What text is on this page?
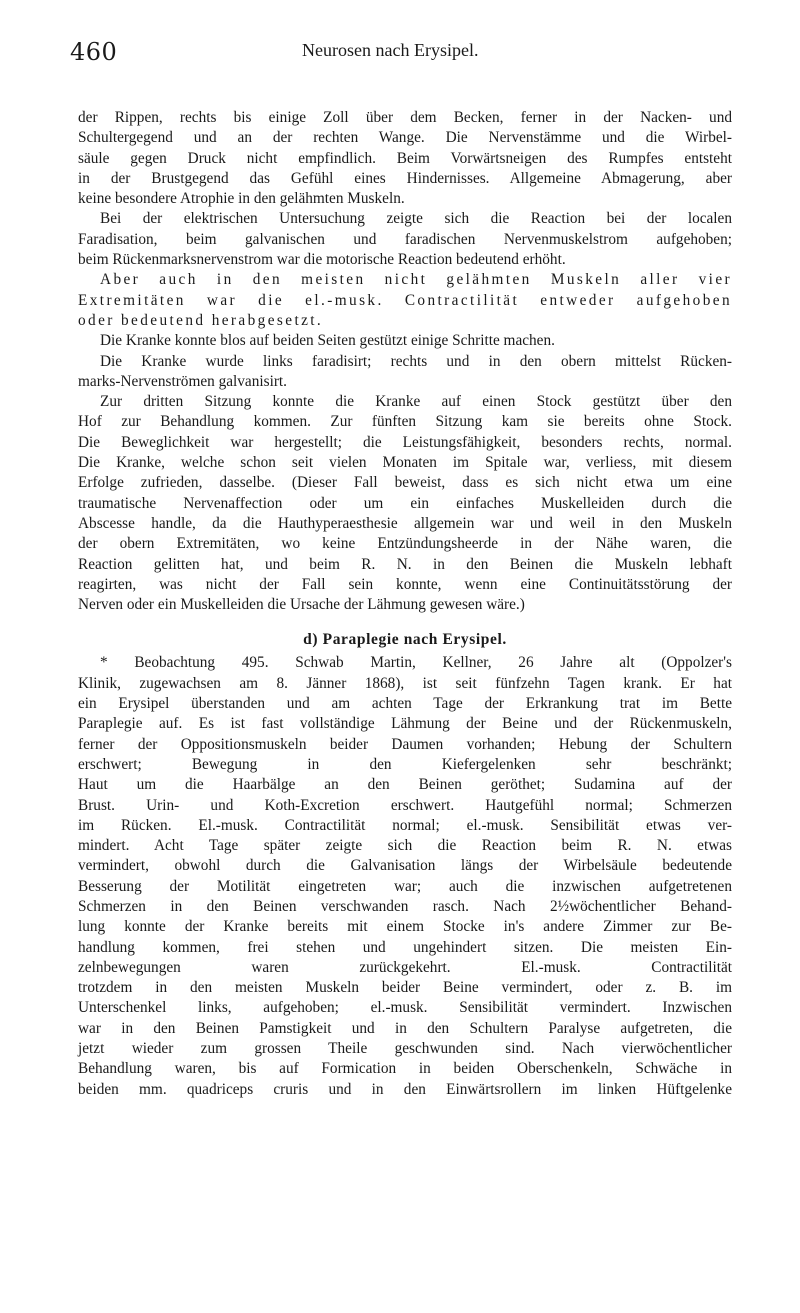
460	Neurosen nach Erysipel.
der Rippen, rechts bis einige Zoll über dem Becken, ferner in der Nacken- und
Schultergegend und an der rechten Wange. Die Nervenstämme und die Wirbel-
säule gegen Druck nicht empfindlich. Beim Vorwärtsneigen des Rumpfes entsteht
in der Brustgegend das Gefühl eines Hindernisses. Allgemeine Abmagerung, aber
keine besondere Atrophie in den gelähmten Muskeln.
Bei der elektrischen Untersuchung zeigte sich die Reaction bei der localen
Faradisation, beim galvanischen und faradischen Nervenmuskelstrom aufgehoben;
beim Rückenmarksnervenstrom war die motorische Reaction bedeutend erhöht.
Aber auch in den meisten nicht gelähmten Muskeln aller vier
Extremitäten war die el.-musk. Contractilität entweder aufgehoben
oder bedeutend herabgesetzt.
Die Kranke konnte blos auf beiden Seiten gestützt einige Schritte machen.
Die Kranke wurde links faradisirt; rechts und in den obern mittelst Rücken-
marks-Nervenströmen galvanisirt.
Zur dritten Sitzung konnte die Kranke auf einen Stock gestützt über den
Hof zur Behandlung kommen. Zur fünften Sitzung kam sie bereits ohne Stock.
Die Beweglichkeit war hergestellt; die Leistungsfähigkeit, besonders rechts, normal.
Die Kranke, welche schon seit vielen Monaten im Spitale war, verliess, mit diesem
Erfolge zufrieden, dasselbe. (Dieser Fall beweist, dass es sich nicht etwa um eine
traumatische Nervenaffection oder um ein einfaches Muskelleiden durch die
Abscesse handle, da die Hauthyperaesthesie allgemein war und weil in den Muskeln
der obern Extremitäten, wo keine Entzündungsheerde in der Nähe waren, die
Reaction gelitten hat, und beim R. N. in den Beinen die Muskeln lebhaft
reagirten, was nicht der Fall sein konnte, wenn eine Continuitätsstörung der
Nerven oder ein Muskelleiden die Ursache der Lähmung gewesen wäre.)
d) Paraplegie nach Erysipel.
* Beobachtung 495. Schwab Martin, Kellner, 26 Jahre alt (Oppolzer's
Klinik, zugewachsen am 8. Jänner 1868), ist seit fünfzehn Tagen krank. Er hat
ein Erysipel überstanden und am achten Tage der Erkrankung trat im Bette
Paraplegie auf. Es ist fast vollständige Lähmung der Beine und der Rückenmuskeln,
ferner der Oppositionsmuskeln beider Daumen vorhanden; Hebung der Schultern
erschwert; Bewegung in den Kiefergelenken sehr beschränkt;
Haut um die Haarbälge an den Beinen geröthet; Sudamina auf der
Brust. Urin- und Koth-Excretion erschwert. Hautgefühl normal; Schmerzen
im Rücken. El.-musk. Contractilität normal; el.-musk. Sensibilität etwas ver-
mindert. Acht Tage später zeigte sich die Reaction beim R. N. etwas
vermindert, obwohl durch die Galvanisation längs der Wirbelsäule bedeutende
Besserung der Motilität eingetreten war; auch die inzwischen aufgetretenen
Schmerzen in den Beinen verschwanden rasch. Nach 2½wöchentlicher Behand-
lung konnte der Kranke bereits mit einem Stocke in's andere Zimmer zur Be-
handlung kommen, frei stehen und ungehindert sitzen. Die meisten Ein-
zelnbewegungen waren zurückgekehrt. El.-musk. Contractilität
trotzdem in den meisten Muskeln beider Beine vermindert, oder z. B. im
Unterschenkel links, aufgehoben; el.-musk. Sensibilität vermindert. Inzwischen
war in den Beinen Pamstigkeit und in den Schultern Paralyse aufgetreten, die
jetzt wieder zum grossen Theile geschwunden sind. Nach vierwöchentlicher
Behandlung waren, bis auf Formication in beiden Oberschenkeln, Schwäche in
beiden mm. quadriceps cruris und in den Einwärtsrollern im linken Hüftgelenke
